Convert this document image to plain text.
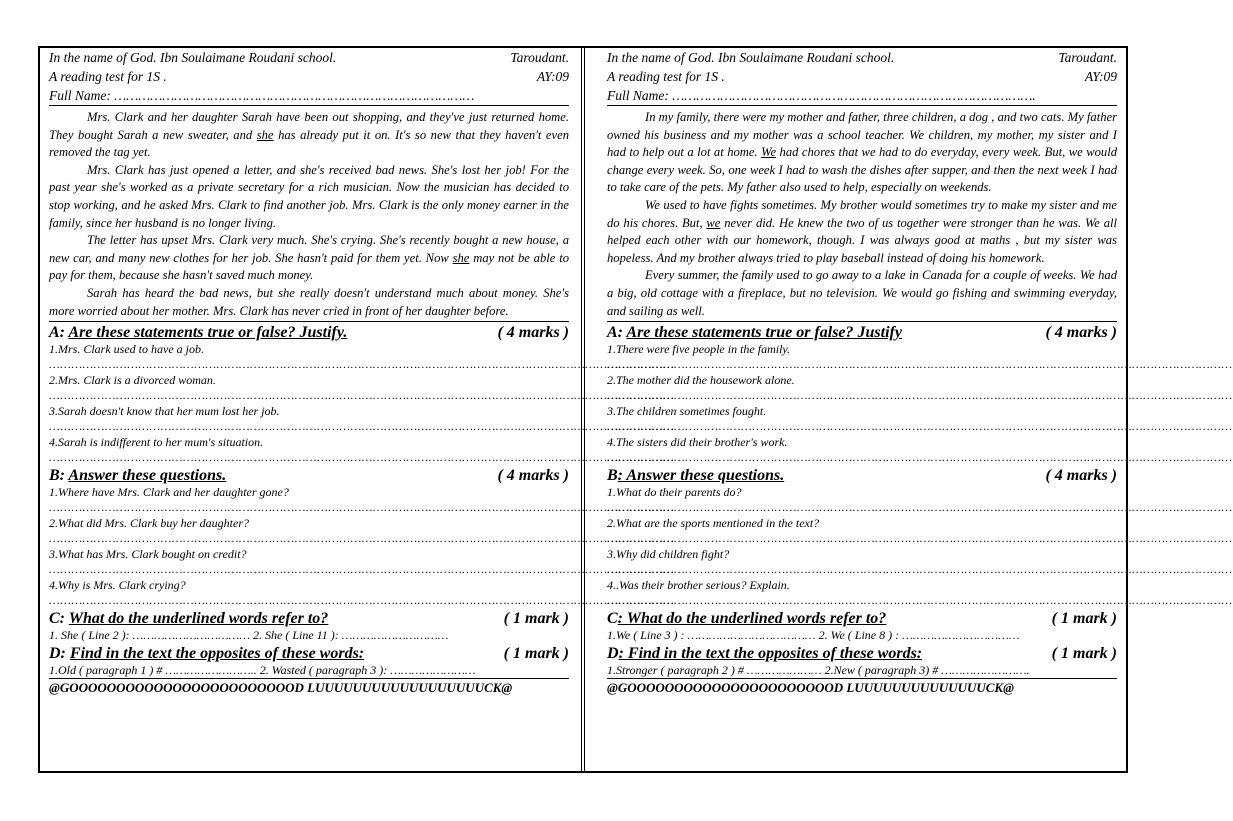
In the name of God. Ibn Soulaimane Roudani school.	Taroudant.
A reading test for 1S .	AY:09
Full Name: ………………………………………………………………………………

Mrs. Clark and her daughter Sarah have been out shopping, and they've just returned home. They bought Sarah a new sweater, and she has already put it on. It's so new that they haven't even removed the tag yet.

Mrs. Clark has just opened a letter, and she's received bad news. She's lost her job! For the past year she's worked as a private secretary for a rich musician. Now the musician has decided to stop working, and he asked Mrs. Clark to find another job. Mrs. Clark is the only money earner in the family, since her husband is no longer living.

The letter has upset Mrs. Clark very much. She's crying. She's recently bought a new house, a new car, and many new clothes for her job. She hasn't paid for them yet. Now she may not be able to pay for them, because she hasn't saved much money.

Sarah has heard the bad news, but she really doesn't understand much about money. She's more worried about her mother. Mrs. Clark has never cried in front of her daughter before.

A: Are these statements true or false? Justify.	( 4 marks )
1.Mrs. Clark used to have a job.
……………………………………………………………………………………………………………………………………………………
2.Mrs. Clark is a divorced woman.
……………………………………………………………………………………………………………………………………………………
3.Sarah doesn't know that her mum lost her job.
……………………………………………………………………………………………………………………………………………………
4.Sarah is indifferent to her mum's situation.
……………………………………………………………………………………………………………………………………………………
B: Answer these questions.	( 4 marks )
1.Where have Mrs. Clark and her daughter gone?
……………………………………………………………………………………………………………………………………………………
2.What did Mrs. Clark buy her daughter?
……………………………………………………………………………………………………………………………………………………
3.What has Mrs. Clark bought on credit?
……………………………………………………………………………………………………………………………………………………
4.Why is Mrs. Clark crying?
……………………………………………………………………………………………………………………………………………………
C: What do the underlined words refer to?	( 1 mark )
1. She ( Line 2 ): …………………………… 2. She ( Line 11 ): …………………………
D: Find in the text the opposites of these words:	( 1 mark )
1.Old ( paragraph 1 ) # …………………….. 2. Wasted ( paragraph 3 ): ……………………
@GOOOOOOOOOOOOOOOOOOOOOOOOD LUUUUUUUUUUUUUUUUUUCK@
In the name of God. Ibn Soulaimane Roudani school.	Taroudant.
A reading test for 1S .	AY:09
Full Name: ……………………………………………………………………………….

In my family, there were my mother and father, three children, a dog , and two cats. My father owned his business and my mother was a school teacher. We children, my mother, my sister and I had to help out a lot at home. We had chores that we had to do everyday, every week. But, we would change every week. So, one week I had to wash the dishes after supper, and then the next week I had to take care of the pets. My father also used to help, especially on weekends.

We used to have fights sometimes. My brother would sometimes try to make my sister and me do his chores. But, we never did. He knew the two of us together were stronger than he was. We all helped each other with our homework, though. I was always good at maths , but my sister was hopeless. And my brother always tried to play baseball instead of doing his homework.

Every summer, the family used to go away to a lake in Canada for a couple of weeks. We had a big, old cottage with a fireplace, but no television. We would go fishing and swimming everyday, and sailing as well.

A: Are these statements true or false? Justify	( 4 marks )
1.There were five people in the family.
……………………………………………………………………………………………………………………………………………………
2.The mother did the housework alone.
……………………………………………………………………………………………………………………………………………………
3.The children sometimes fought.
……………………………………………………………………………………………………………………………………………………
4.The sisters did their brother's work.
……………………………………………………………………………………………………………………………………………………
B: Answer these questions.	( 4 marks )
1.What do their parents do?
……………………………………………………………………………………………………………………………………………………
2.What are the sports mentioned in the text?
……………………………………………………………………………………………………………………………………………………
3.Why did children fight?
……………………………………………………………………………………………………………………………………………………
4..Was their brother serious? Explain.
……………………………………………………………………………………………………………………………………………………
C: What do the underlined words refer to?	( 1 mark )
1.We ( Line 3 ) : ……………………………… 2. We ( Line 8 ) : ……………………………
D: Find in the text the opposites of these words:	( 1 mark )
1.Stronger ( paragraph 2 ) # ………………… 2.New ( paragraph 3) # …………………….
@GOOOOOOOOOOOOOOOOOOOOOOD LUUUUUUUUUUUUUUCK@
